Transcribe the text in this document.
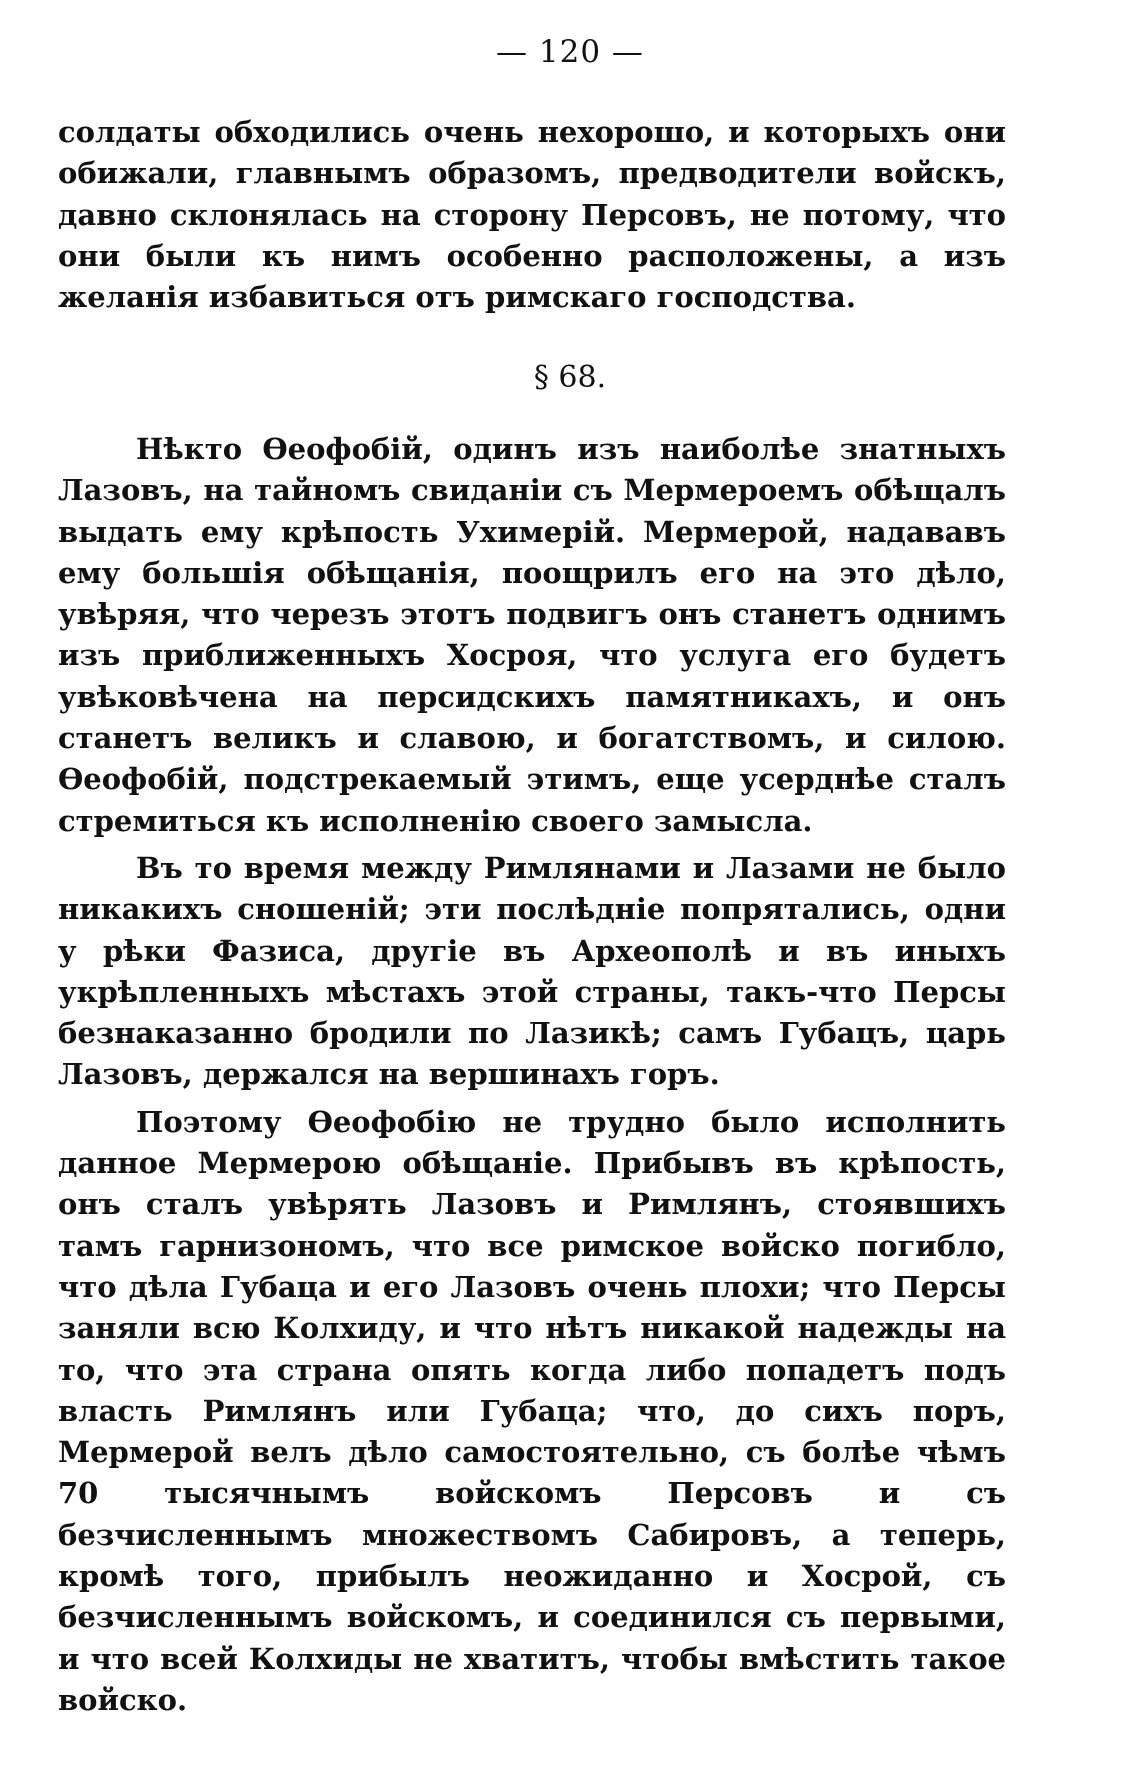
— 120 —

солдаты обходились очень нехорошо, и которыхъ они обижали, главнымъ образомъ, предводители войскъ, давно склонялась на сторону Персовъ, не потому, что они были къ нимъ особенно расположены, а изъ желанія избавиться отъ римскаго господства.

§ 68.

Нѣкто Ѳеофобій, одинъ изъ наиболѣе знатныхъ Лазовъ, на тайномъ свиданіи съ Мермероемъ обѣщалъ выдать ему крѣпость Ухимерій. Мермерой, надававъ ему большія обѣщанія, поощрилъ его на это дѣло, увѣряя, что черезъ этотъ подвигъ онъ станетъ однимъ изъ приближенныхъ Хосроя, что услуга его будетъ увѣковѣчена на персидскихъ памятникахъ, и онъ станетъ великъ и славою, и богатствомъ, и силою. Ѳеофобій, подстрекаемый этимъ, еще усерднѣе сталъ стремиться къ исполненію своего замысла.

Въ то время между Римлянами и Лазами не было никакихъ сношеній; эти послѣдніе попрятались, одни у рѣки Фазиса, другіе въ Археополѣ и въ иныхъ укрѣпленныхъ мѣстахъ этой страны, такъ-что Персы безнаказанно бродили по Лазикѣ; самъ Губацъ, царь Лазовъ, держался на вершинахъ горъ.

Поэтому Ѳеофобію не трудно было исполнить данное Мермерою обѣщаніе. Прибывъ въ крѣпость, онъ сталъ увѣрять Лазовъ и Римлянъ, стоявшихъ тамъ гарнизономъ, что все римское войско погибло, что дѣла Губаца и его Лазовъ очень плохи; что Персы заняли всю Колхиду, и что нѣтъ никакой надежды на то, что эта страна опять когда либо попадетъ подъ власть Римлянъ или Губаца; что, до сихъ поръ, Мермерой велъ дѣло самостоятельно, съ болѣе чѣмъ 70 тысячнымъ войскомъ Персовъ и съ безчисленнымъ множествомъ Сабировъ, а теперь, кромѣ того, прибылъ неожиданно и Хосрой, съ безчисленнымъ войскомъ, и соединился съ первыми, и что всей Колхиды не хватитъ, чтобы вмѣстить такое войско.
